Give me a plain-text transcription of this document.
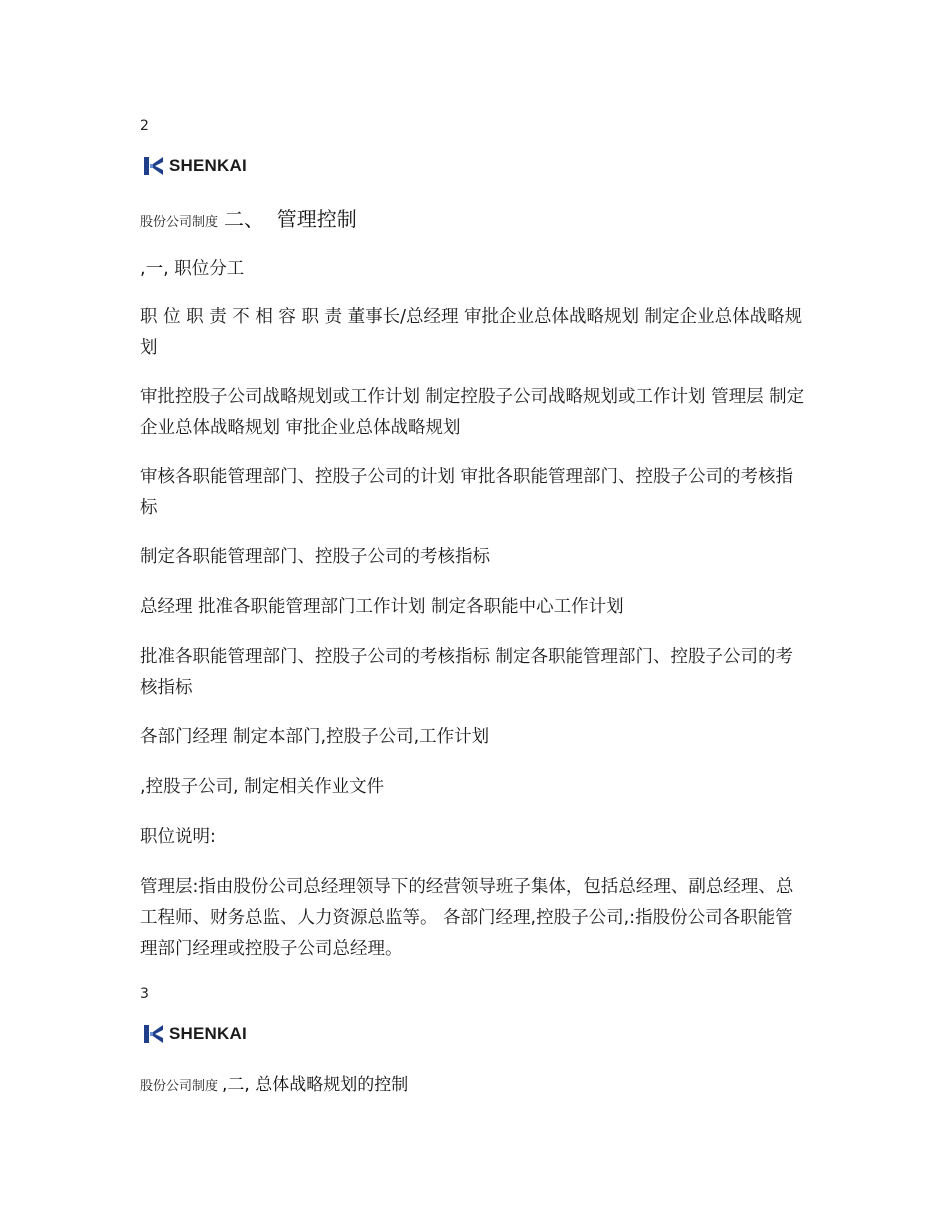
2
SHENKAI
股份公司制度 二、  管理控制

,一, 职位分工

职 位 职 责 不 相 容 职 责 董事长/总经理 审批企业总体战略规划 制定企业总体战略规划

审批控股子公司战略规划或工作计划 制定控股子公司战略规划或工作计划 管理层 制定企业总体战略规划 审批企业总体战略规划

审核各职能管理部门、控股子公司的计划 审批各职能管理部门、控股子公司的考核指标

制定各职能管理部门、控股子公司的考核指标

总经理 批准各职能管理部门工作计划 制定各职能中心工作计划

批准各职能管理部门、控股子公司的考核指标 制定各职能管理部门、控股子公司的考核指标

各部门经理 制定本部门,控股子公司,工作计划

,控股子公司, 制定相关作业文件

职位说明:

管理层:指由股份公司总经理领导下的经营领导班子集体，包括总经理、副总经理、总工程师、财务总监、人力资源总监等。 各部门经理,控股子公司,:指股份公司各职能管理部门经理或控股子公司总经理。

3
SHENKAI
股份公司制度 ,二, 总体战略规划的控制
